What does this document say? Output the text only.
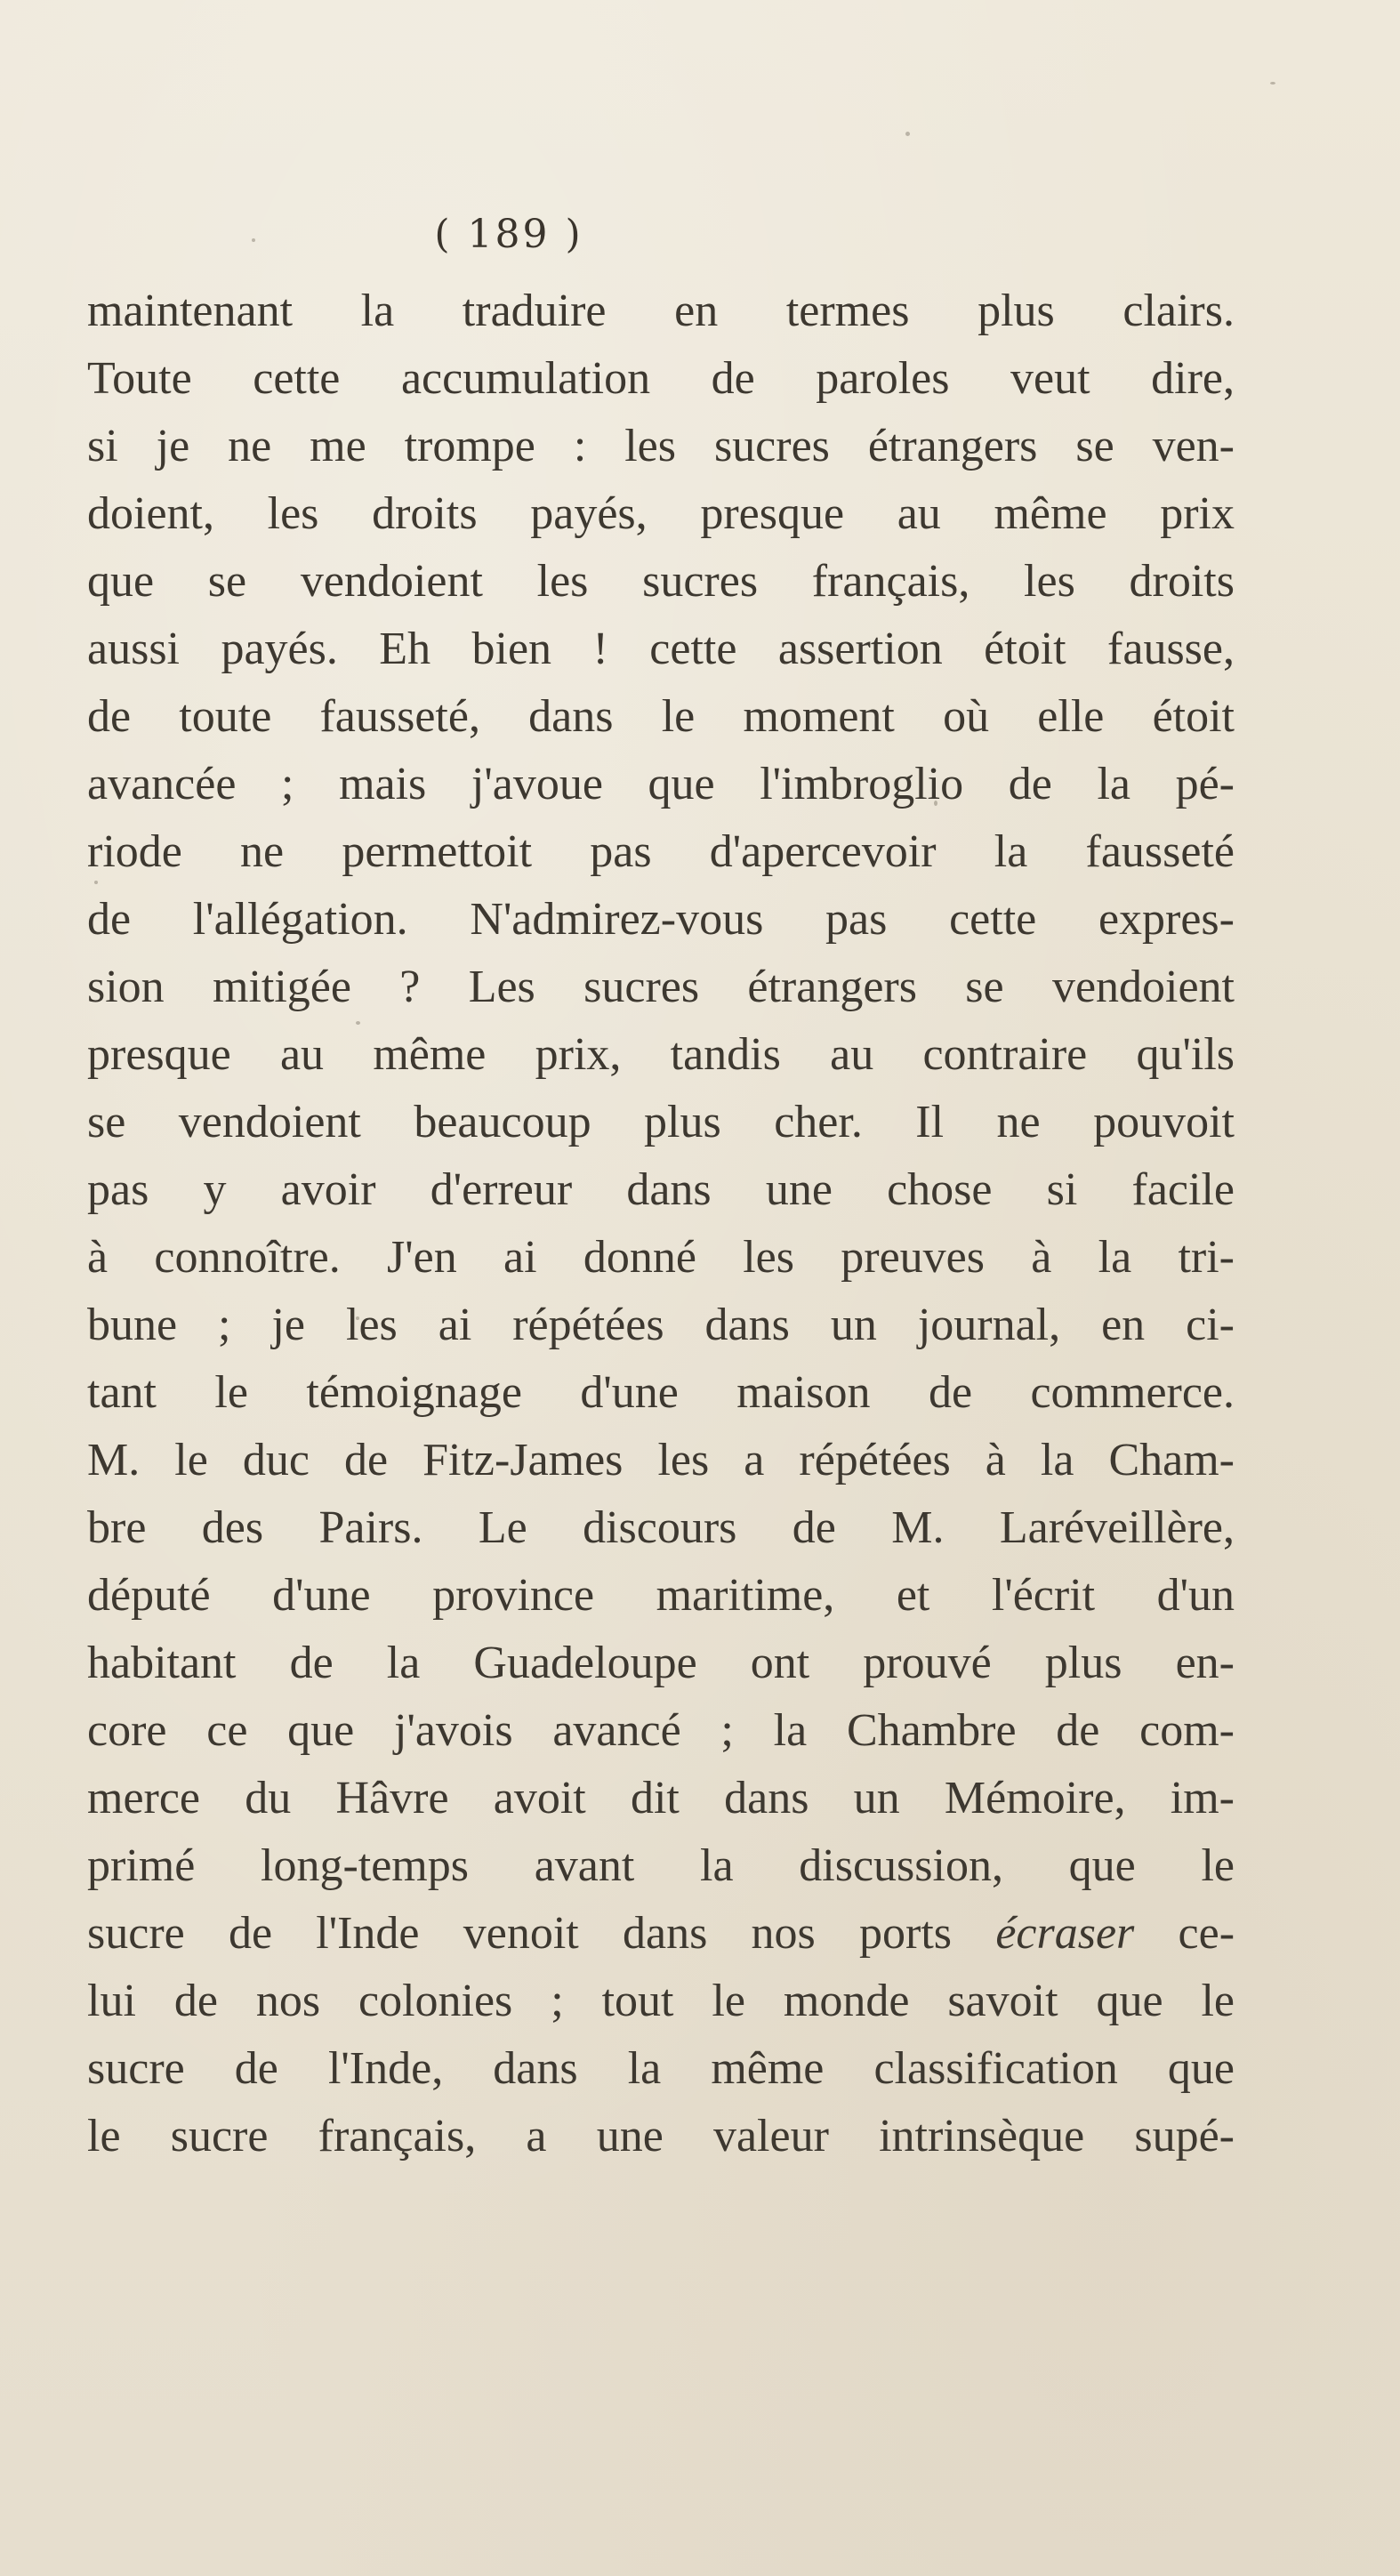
( 189 )
maintenant la traduire en termes plus clairs.
Toute cette accumulation de paroles veut dire,
si je ne me trompe : les sucres étrangers se ven-
doient, les droits payés, presque au même prix
que se vendoient les sucres français, les droits
aussi payés. Eh bien ! cette assertion étoit fausse,
de toute fausseté, dans le moment où elle étoit
avancée ; mais j'avoue que l'imbroglio de la pé-
riode ne permettoit pas d'apercevoir la fausseté
de l'allégation. N'admirez-vous pas cette expres-
sion mitigée ? Les sucres étrangers se vendoient
presque au même prix, tandis au contraire qu'ils
se vendoient beaucoup plus cher. Il ne pouvoit
pas y avoir d'erreur dans une chose si facile
à connoître. J'en ai donné les preuves à la tri-
bune ; je les ai répétées dans un journal, en ci-
tant le témoignage d'une maison de commerce.
M. le duc de Fitz-James les a répétées à la Cham-
bre des Pairs. Le discours de M. Laréveillère,
député d'une province maritime, et l'écrit d'un
habitant de la Guadeloupe ont prouvé plus en-
core ce que j'avois avancé ; la Chambre de com-
merce du Hâvre avoit dit dans un Mémoire, im-
primé long-temps avant la discussion, que le
sucre de l'Inde venoit dans nos ports écraser ce-
lui de nos colonies ; tout le monde savoit que le
sucre de l'Inde, dans la même classification que
le sucre français, a une valeur intrinsèque supé-
